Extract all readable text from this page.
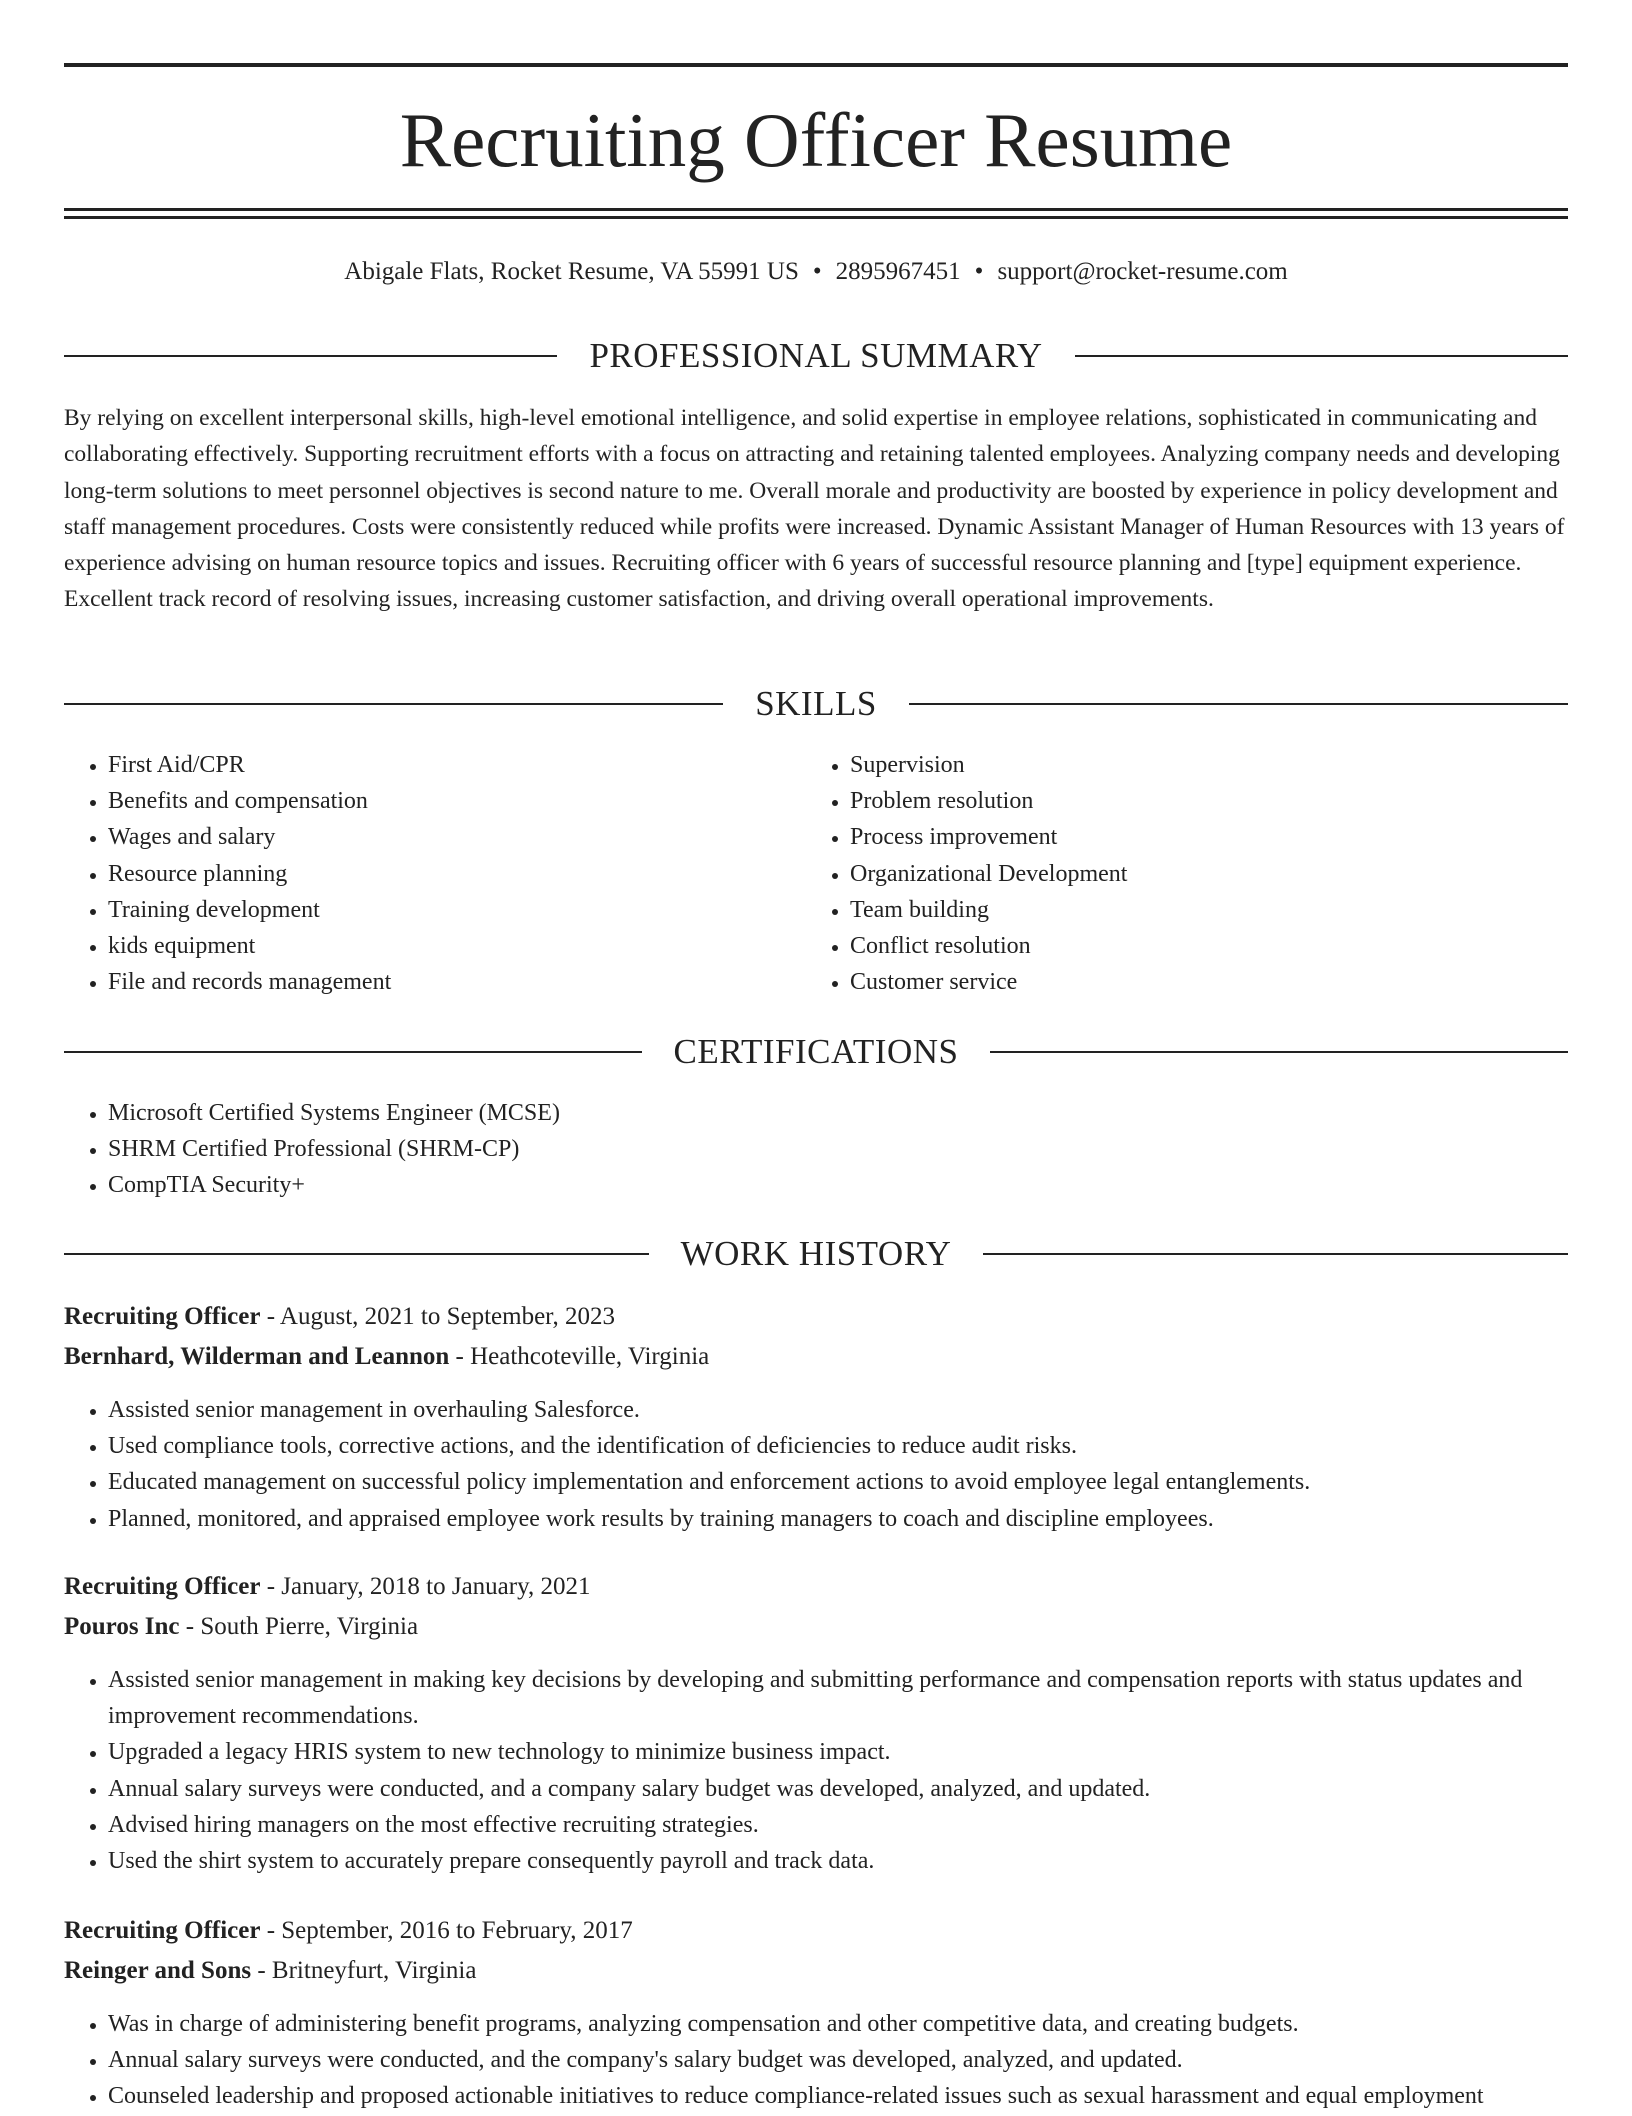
Recruiting Officer Resume
Abigale Flats, Rocket Resume, VA 55991 US • 2895967451 • support@rocket-resume.com
PROFESSIONAL SUMMARY

By relying on excellent interpersonal skills, high-level emotional intelligence, and solid expertise in employee relations, sophisticated in communicating and collaborating effectively. Supporting recruitment efforts with a focus on attracting and retaining talented employees. Analyzing company needs and developing long-term solutions to meet personnel objectives is second nature to me. Overall morale and productivity are boosted by experience in policy development and staff management procedures. Costs were consistently reduced while profits were increased. Dynamic Assistant Manager of Human Resources with 13 years of experience advising on human resource topics and issues. Recruiting officer with 6 years of successful resource planning and [type] equipment experience. Excellent track record of resolving issues, increasing customer satisfaction, and driving overall operational improvements.

SKILLS
• First Aid/CPR
• Benefits and compensation
• Wages and salary
• Resource planning
• Training development
• kids equipment
• File and records management
• Supervision
• Problem resolution
• Process improvement
• Organizational Development
• Team building
• Conflict resolution
• Customer service
CERTIFICATIONS
• Microsoft Certified Systems Engineer (MCSE)
• SHRM Certified Professional (SHRM-CP)
• CompTIA Security+
WORK HISTORY
Recruiting Officer - August, 2021 to September, 2023
Bernhard, Wilderman and Leannon - Heathcoteville, Virginia
• Assisted senior management in overhauling Salesforce.
• Used compliance tools, corrective actions, and the identification of deficiencies to reduce audit risks.
• Educated management on successful policy implementation and enforcement actions to avoid employee legal entanglements.
• Planned, monitored, and appraised employee work results by training managers to coach and discipline employees.
Recruiting Officer - January, 2018 to January, 2021
Pouros Inc - South Pierre, Virginia
• Assisted senior management in making key decisions by developing and submitting performance and compensation reports with status updates and improvement recommendations.
• Upgraded a legacy HRIS system to new technology to minimize business impact.
• Annual salary surveys were conducted, and a company salary budget was developed, analyzed, and updated.
• Advised hiring managers on the most effective recruiting strategies.
• Used the shirt system to accurately prepare consequently payroll and track data.
Recruiting Officer - September, 2016 to February, 2017
Reinger and Sons - Britneyfurt, Virginia
• Was in charge of administering benefit programs, analyzing compensation and other competitive data, and creating budgets.
• Annual salary surveys were conducted, and the company's salary budget was developed, analyzed, and updated.
• Counseled leadership and proposed actionable initiatives to reduce compliance-related issues such as sexual harassment and equal employment
